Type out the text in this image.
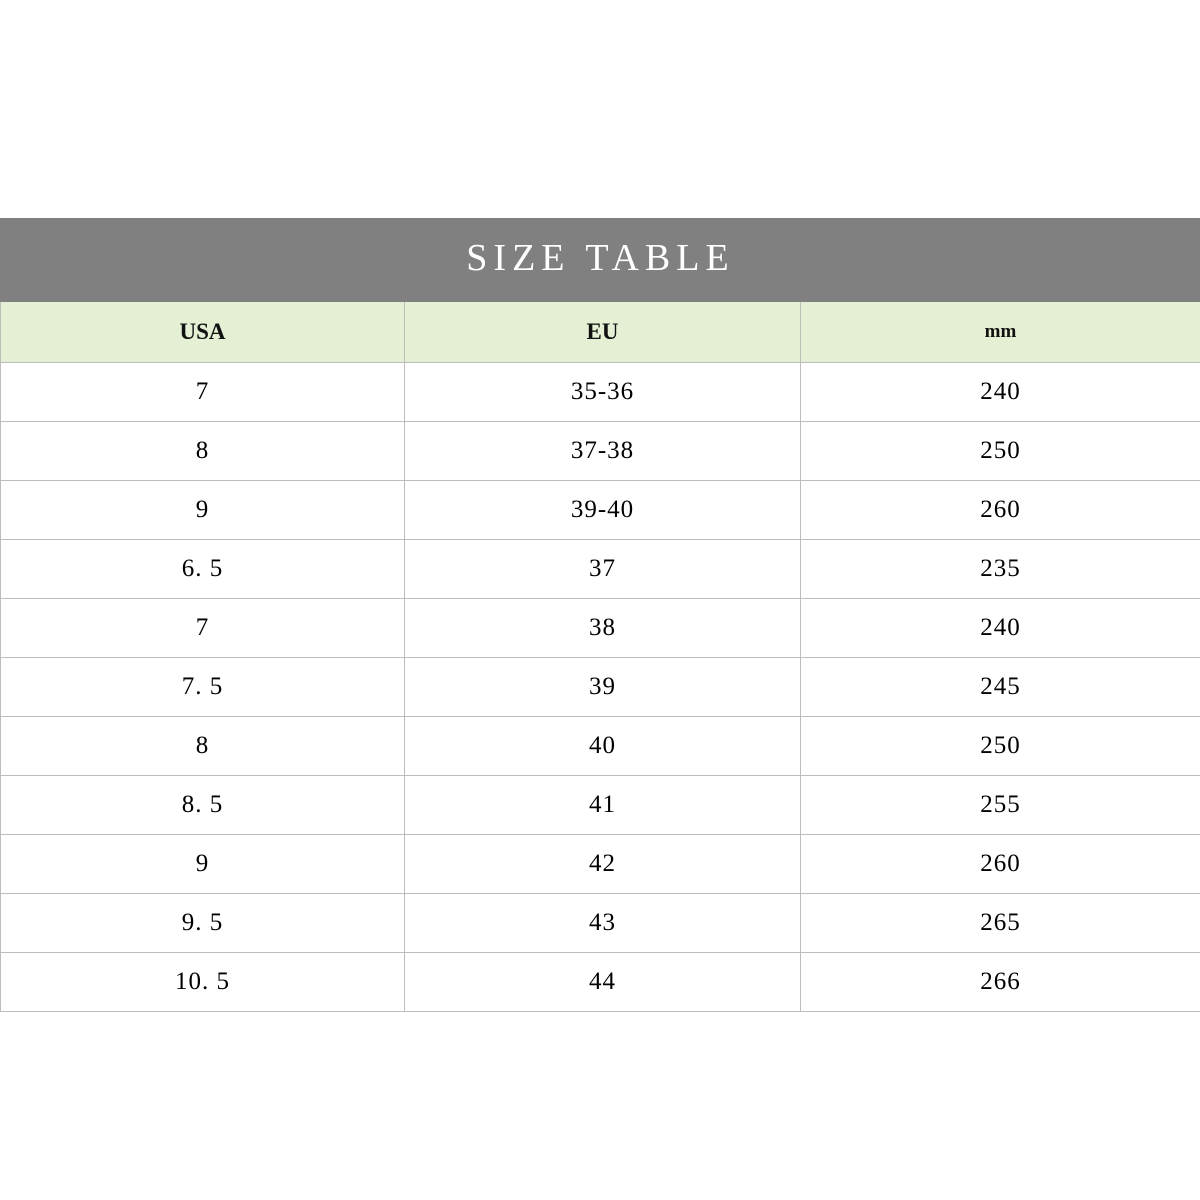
SIZE TABLE		
USA	EU	mm
7	35-36	240
8	37-38	250
9	39-40	260
6. 5	37	235
7	38	240
7. 5	39	245
8	40	250
8. 5	41	255
9	42	260
9. 5	43	265
10. 5	44	266
